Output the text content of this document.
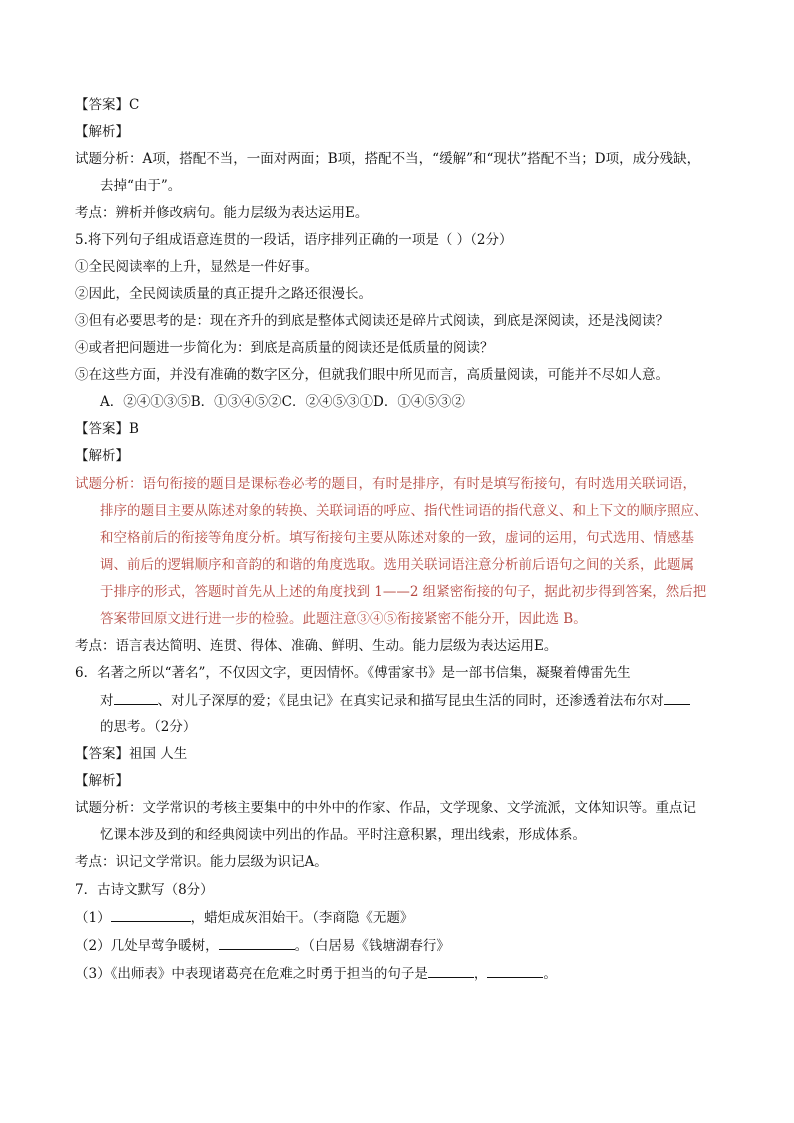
【答案】C
【解析】
试题分析：A项，搭配不当，一面对两面；B项，搭配不当，“缓解”和“现状”搭配不当；D项，成分残缺，
去掉“由于”。
考点：辨析并修改病句。能力层级为表达运用E。
5.将下列句子组成语意连贯的一段话，语序排列正确的一项是（ ）（2分）
①全民阅读率的上升，显然是一件好事。
②因此，全民阅读质量的真正提升之路还很漫长。
③但有必要思考的是：现在齐升的到底是整体式阅读还是碎片式阅读，到底是深阅读，还是浅阅读？
④或者把问题进一步简化为：到底是高质量的阅读还是低质量的阅读？
⑤在这些方面，并没有准确的数字区分，但就我们眼中所见而言，高质量阅读，可能并不尽如人意。
A．②④①③⑤B．①③④⑤②C．②④⑤③①D．①④⑤③②
【答案】B
【解析】
试题分析：语句衔接的题目是课标卷必考的题目，有时是排序，有时是填写衔接句，有时选用关联词语，
排序的题目主要从陈述对象的转换、关联词语的呼应、指代性词语的指代意义、和上下文的顺序照应、
和空格前后的衔接等角度分析。填写衔接句主要从陈述对象的一致，虚词的运用，句式选用、情感基
调、前后的逻辑顺序和音韵的和谐的角度选取。选用关联词语注意分析前后语句之间的关系，此题属
于排序的形式，答题时首先从上述的角度找到 1——2 组紧密衔接的句子，据此初步得到答案，然后把
答案带回原文进行进一步的检验。此题注意③④⑤衔接紧密不能分开，因此选 B。
考点：语言表达简明、连贯、得体、准确、鲜明、生动。能力层级为表达运用E。
6．名著之所以“著名”，不仅因文字，更因情怀。《傅雷家书》是一部书信集，凝聚着傅雷先生
对	、对儿子深厚的爱；《昆虫记》在真实记录和描写昆虫生活的同时，还渗透着法布尔对
的思考。（2分）
【答案】祖国 人生
【解析】
试题分析：文学常识的考核主要集中的中外中的作家、作品，文学现象、文学流派，文体知识等。重点记
忆课本涉及到的和经典阅读中列出的作品。平时注意积累，理出线索，形成体系。
考点：识记文学常识。能力层级为识记A。
7．古诗文默写（8分）
（1）	，蜡炬成灰泪始干。（李商隐《无题》
（2）几处早莺争暖树，	。（白居易《钱塘湖春行》
（3）《出师表》中表现诸葛亮在危难之时勇于担当的句子是	，	。
